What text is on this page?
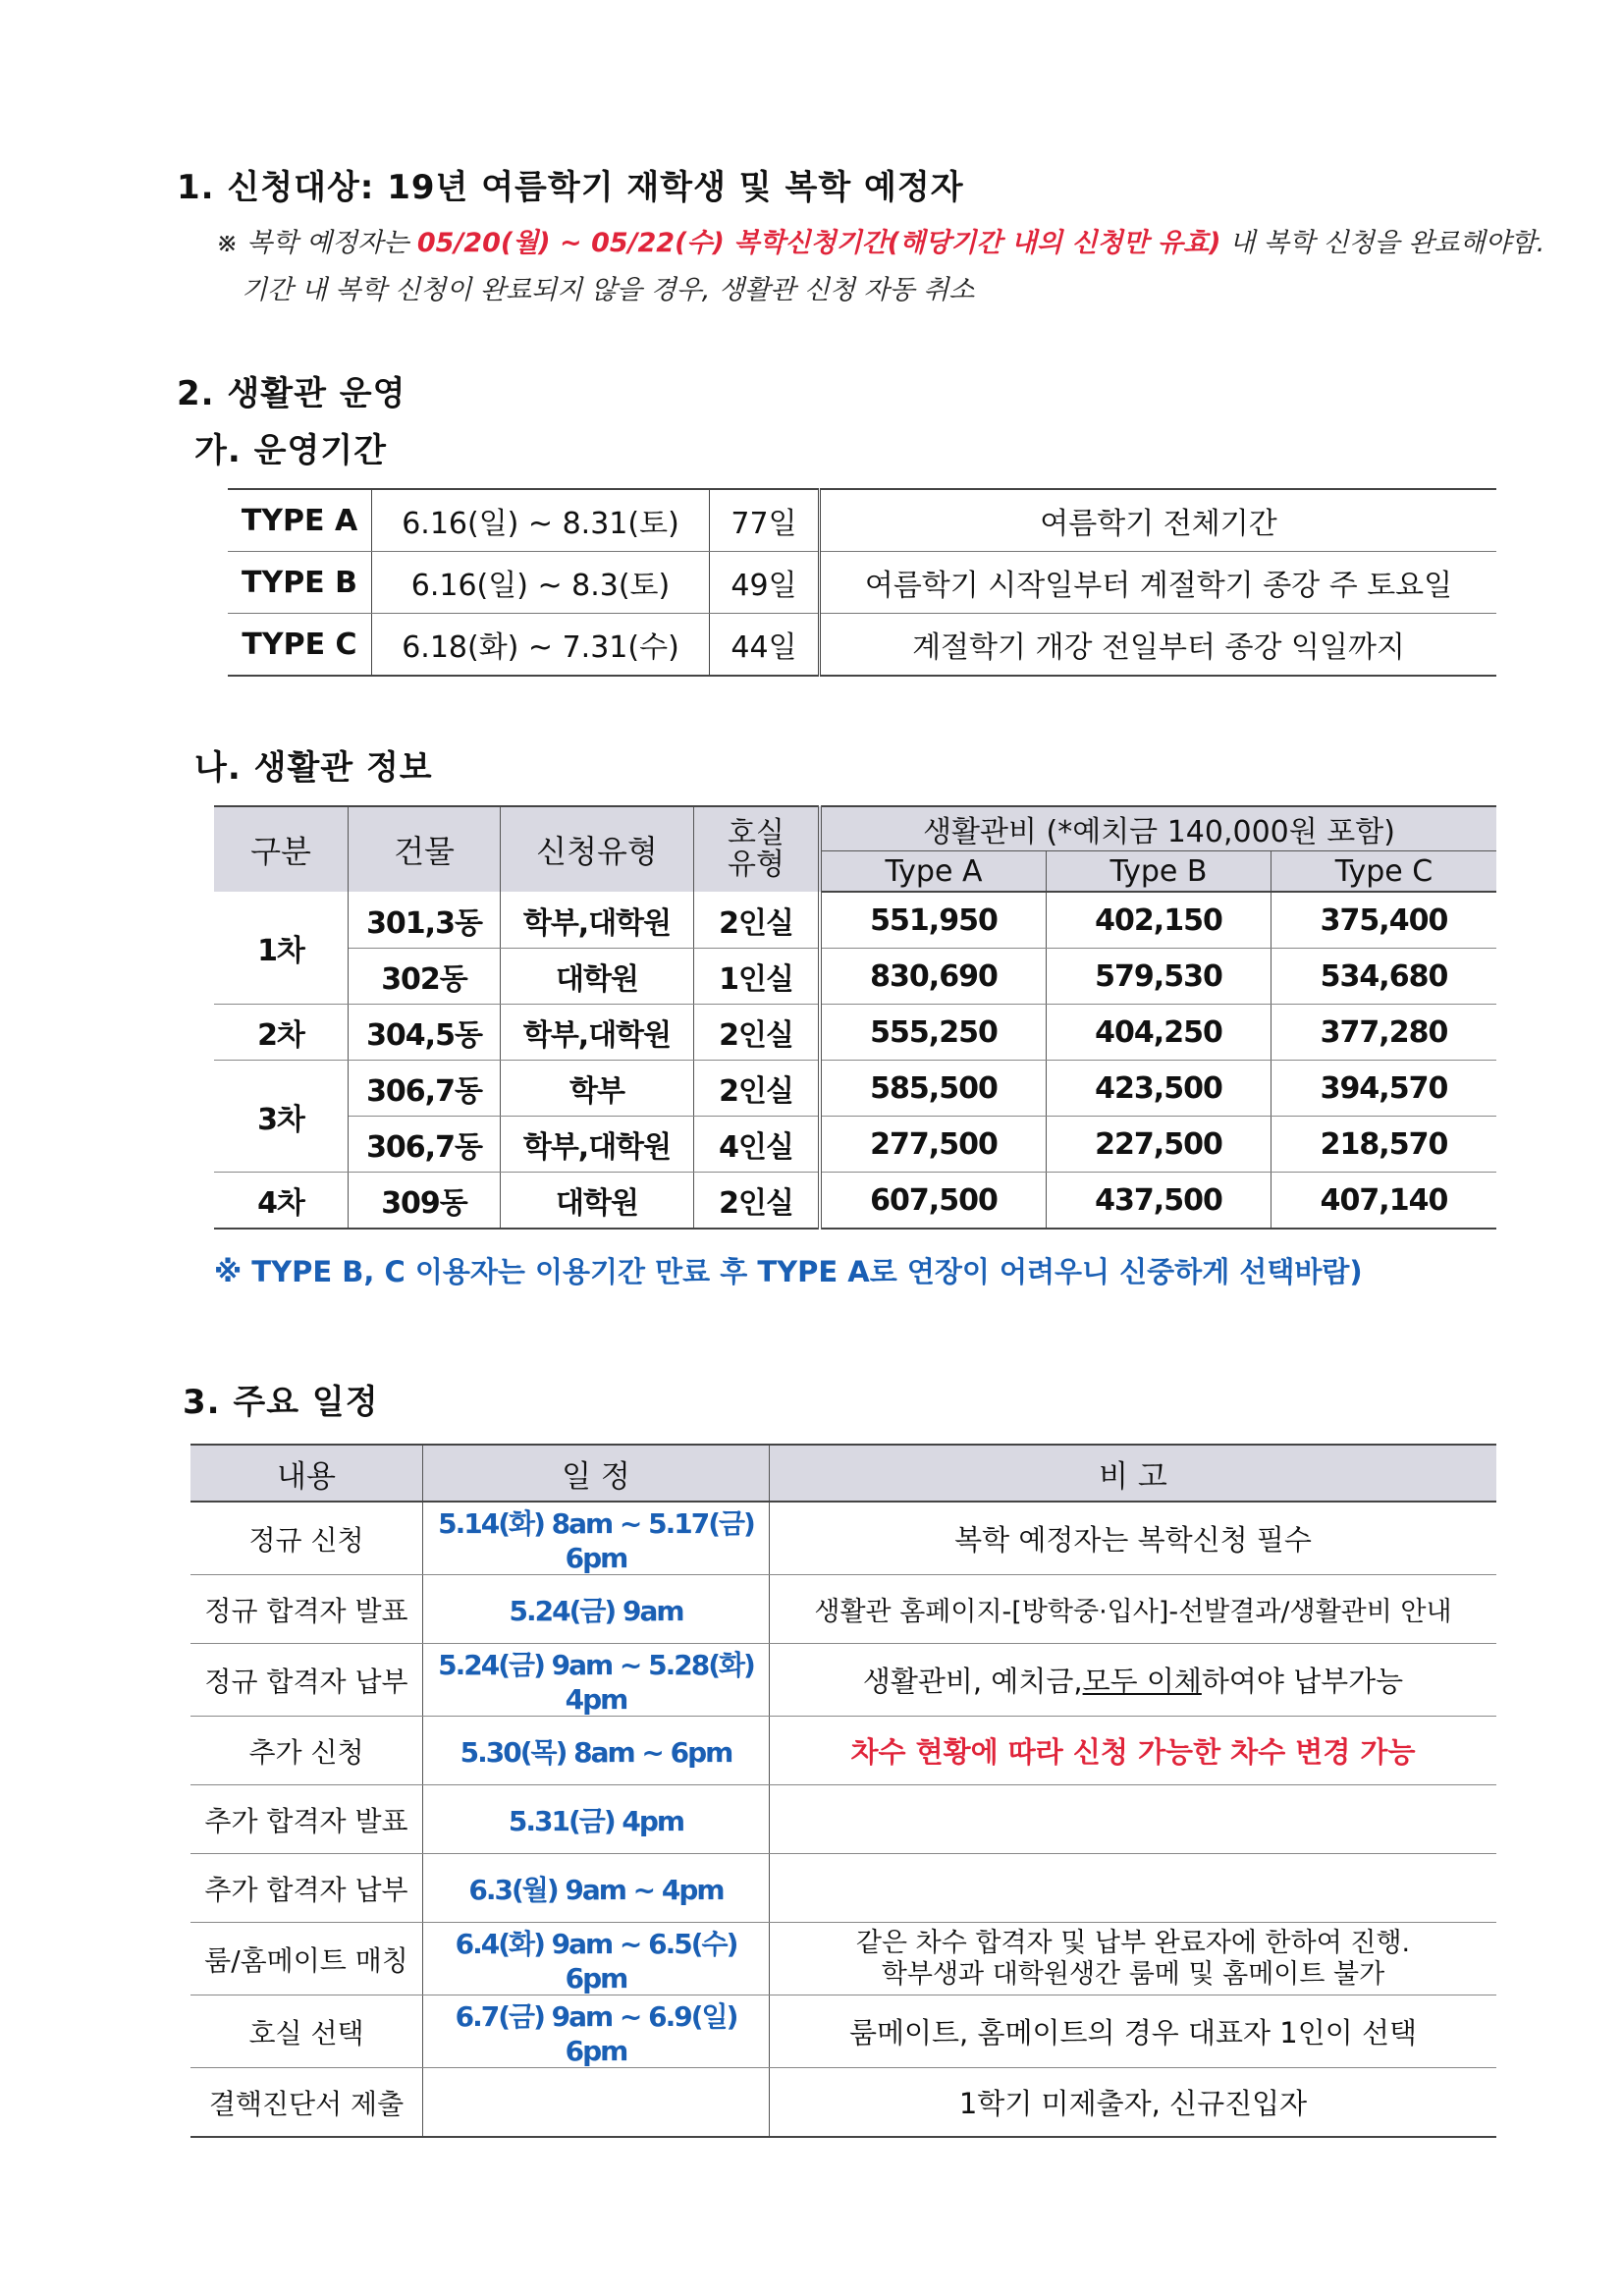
1. 신청대상: 19년 여름학기 재학생 및 복학 예정자
※ 복학 예정자는 05/20(월) ~ 05/22(수) 복학신청기간(해당기간 내의 신청만 유효) 내 복학 신청을 완료해야함.
기간 내 복학 신청이 완료되지 않을 경우, 생활관 신청 자동 취소
2. 생활관 운영
가. 운영기간
TYPE A	6.16(일) ~ 8.31(토)	77일	여름학기 전체기간
TYPE B	6.16(일) ~ 8.3(토)	49일	여름학기 시작일부터 계절학기 종강 주 토요일
TYPE C	6.18(화) ~ 7.31(수)	44일	계절학기 개강 전일부터 종강 익일까지
나. 생활관 정보
구분	건물	신청유형	호실 유형	생활관비 (*예치금 140,000원 포함)		
				Type A	Type B	Type C
1차	301,3동	학부,대학원	2인실	551,950	402,150	375,400
	302동	대학원	1인실	830,690	579,530	534,680
2차	304,5동	학부,대학원	2인실	555,250	404,250	377,280
3차	306,7동	학부	2인실	585,500	423,500	394,570
	306,7동	학부,대학원	4인실	277,500	227,500	218,570
4차	309동	대학원	2인실	607,500	437,500	407,140
※ TYPE B, C 이용자는 이용기간 만료 후 TYPE A로 연장이 어려우니 신중하게 선택바람)
3. 주요 일정
내용	일 정	비 고
정규 신청	5.14(화) 8am ~ 5.17(금) 6pm	복학 예정자는 복학신청 필수
정규 합격자 발표	5.24(금) 9am	생활관 홈페이지-[방학중·입사]-선발결과/생활관비 안내
정규 합격자 납부	5.24(금) 9am ~ 5.28(화) 4pm	생활관비, 예치금,모두 이체하여야 납부가능
추가 신청	5.30(목) 8am ~ 6pm	차수 현황에 따라 신청 가능한 차수 변경 가능
추가 합격자 발표	5.31(금) 4pm	
추가 합격자 납부	6.3(월) 9am ~ 4pm	
룸/홈메이트 매칭	6.4(화) 9am ~ 6.5(수) 6pm	같은 차수 합격자 및 납부 완료자에 한하여 진행.
학부생과 대학원생간 룸메 및 홈메이트 불가

호실 선택	6.7(금) 9am ~ 6.9(일) 6pm	룸메이트, 홈메이트의 경우 대표자 1인이 선택
결핵진단서 제출		1학기 미제출자, 신규진입자
